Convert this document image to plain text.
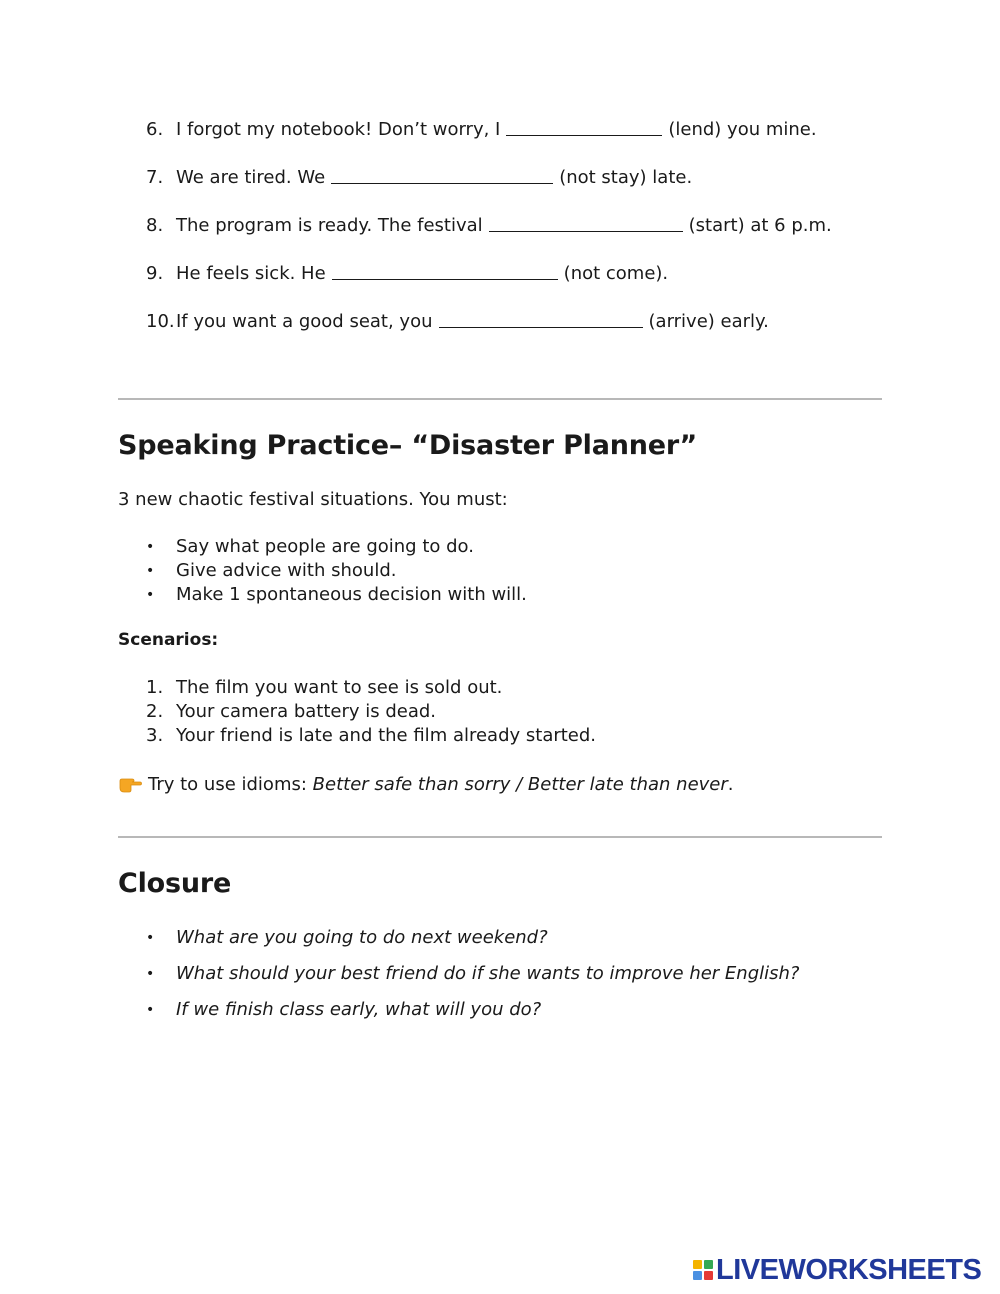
6. I forgot my notebook! Don’t worry, I	(lend) you mine.
7. We are tired. We	(not stay) late.
8. The program is ready. The festival	(start) at 6 p.m.
9. He feels sick. He	(not come).
10. If you want a good seat, you	(arrive) early.
Speaking Practice– “Disaster Planner”

3 new chaotic festival situations. You must:

•	Say what people are going to do.
•	Give advice with should.
•	Make 1 spontaneous decision with will.

Scenarios:

1. The film you want to see is sold out.
2. Your camera battery is dead.
3. Your friend is late and the film already started.

Try to use idioms: Better safe than sorry / Better late than never.

Closure
•	What are you going to do next weekend?
•	What should your best friend do if she wants to improve her English?
•	If we finish class early, what will you do?
LIVEWORKSHEETS
